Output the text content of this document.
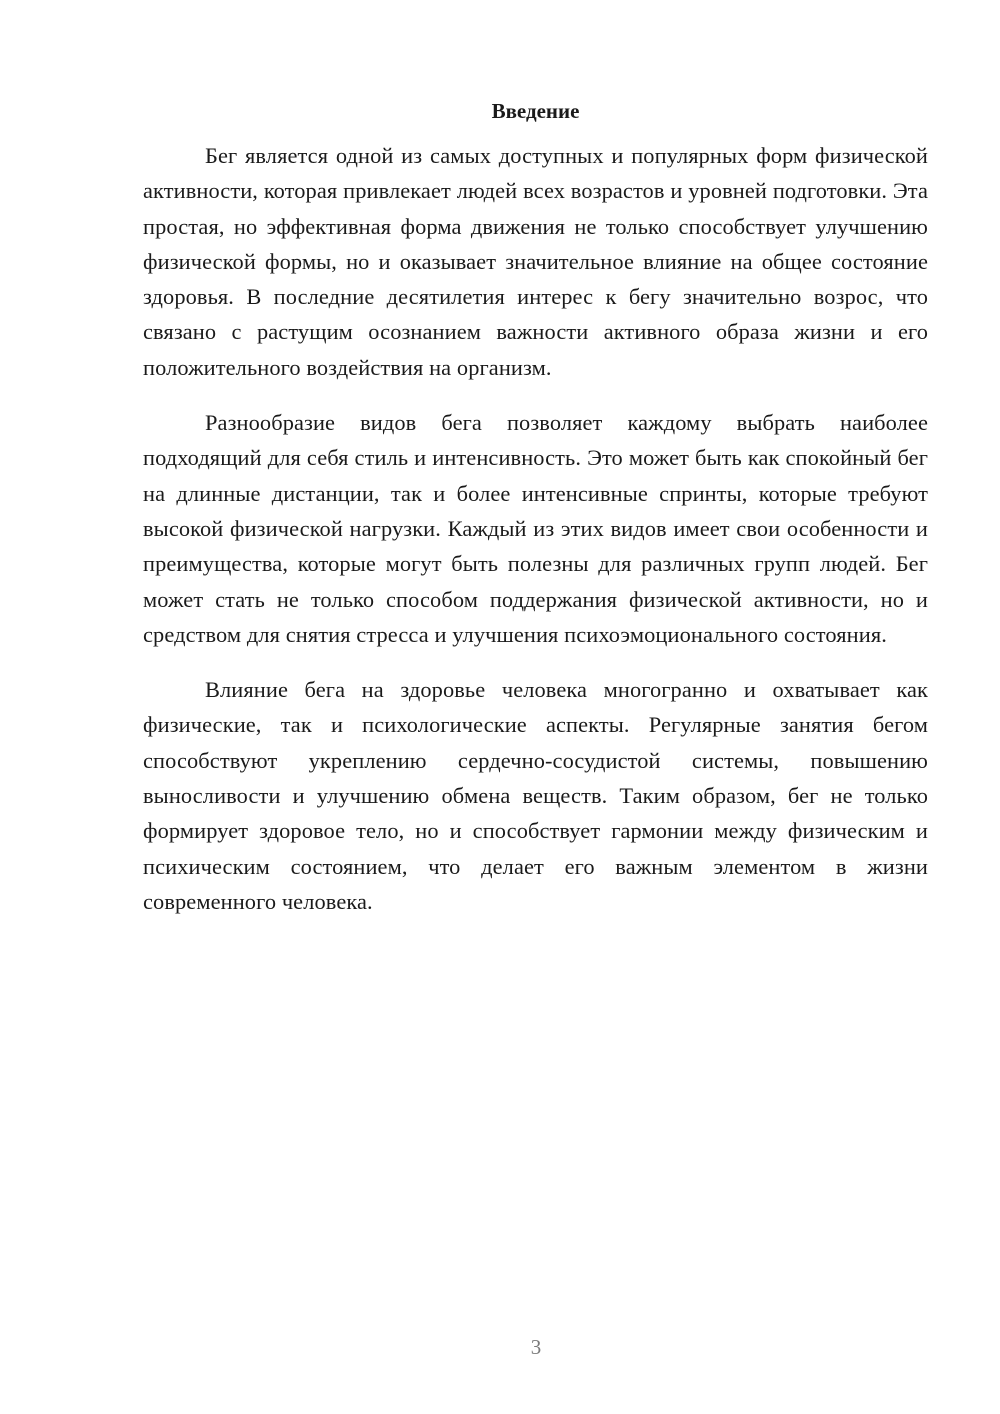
Введение

Бег является одной из самых доступных и популярных форм физической активности, которая привлекает людей всех возрастов и уровней подготовки. Эта простая, но эффективная форма движения не только способствует улучшению физической формы, но и оказывает значительное влияние на общее состояние здоровья. В последние десятилетия интерес к бегу значительно возрос, что связано с растущим осознанием важности активного образа жизни и его положительного воздействия на организм.

Разнообразие видов бега позволяет каждому выбрать наиболее подходящий для себя стиль и интенсивность. Это может быть как спокойный бег на длинные дистанции, так и более интенсивные спринты, которые требуют высокой физической нагрузки. Каждый из этих видов имеет свои особенности и преимущества, которые могут быть полезны для различных групп людей. Бег может стать не только способом поддержания физической активности, но и средством для снятия стресса и улучшения психоэмоционального состояния.

Влияние бега на здоровье человека многогранно и охватывает как физические, так и психологические аспекты. Регулярные занятия бегом способствуют укреплению сердечно-сосудистой системы, повышению выносливости и улучшению обмена веществ. Таким образом, бег не только формирует здоровое тело, но и способствует гармонии между физическим и психическим состоянием, что делает его важным элементом в жизни современного человека.

3
